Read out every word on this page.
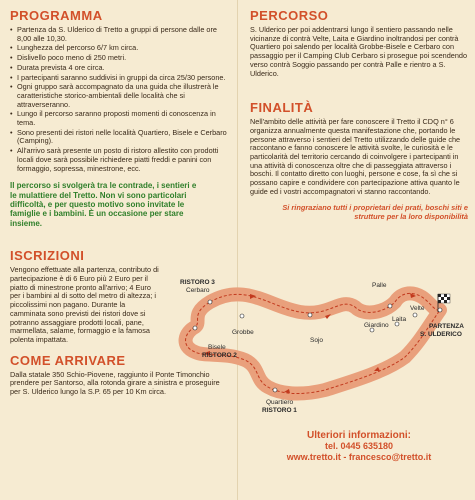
PROGRAMMA
• Partenza da S. Ulderico di Tretto a gruppi di persone dalle ore 8,00 alle 10,30.
• Lunghezza del percorso 6/7 km circa.
• Dislivello poco meno di 250 metri.
• Durata prevista 4 ore circa.
• I partecipanti saranno suddivisi in gruppi da circa 25/30 persone.
• Ogni gruppo sarà accompagnato da una guida che illustrerà le caratteristiche storico-ambientali delle località che si attraverseranno.
• Lungo il percorso saranno proposti momenti di conoscenza in tema.
• Sono presenti dei ristori nelle località Quartiero, Bisele e Cerbaro (Camping).
• All'arrivo sarà presente un posto di ristoro allestito con prodotti locali dove sarà possibile richiedere piatti freddi e panini con formaggio, sopressa, minestrone, ecc.

Il percorso si svolgerà tra le contrade, i sentieri e le mulattiere del Tretto. Non vi sono particolari difficoltà, e per questo motivo sono invitate le famiglie e i bambini. È un occasione per stare insieme.

ISCRIZIONI

Vengono effettuate alla partenza, contributo di partecipazione è di 6 Euro più 2 Euro per il piatto di minestrone pronto all'arrivo; 4 Euro per i bambini al di sotto del metro di altezza; i piccolissimi non pagano. Durante la camminata sono previsti dei ristori dove si potranno assaggiare prodotti locali, pane, marmellata, salame, formaggio e la famosa polenta impattata.

COME ARRIVARE

Dalla statale 350 Schio-Piovene, raggiunto il Ponte Timonchio prendere per Santorso, alla rotonda girare a sinistra e proseguire per S. Ulderico lungo la S.P. 65 per 10 Km circa.

PERCORSO

S. Ulderico per poi addentrarsi lungo il sentiero passando nelle vicinanze di contrà Velte, Laita e Giardino inoltrandosi per contrà Quartiero poi salendo per località Grobbe-Bisele e Cerbaro con passaggio per il Camping Club Cerbaro si prosegue poi scendendo verso contrà Soggio passando per contrà Palle e rientro a S. Ulderico.

FINALITÀ

Nell'ambito delle attività per fare conoscere il Tretto il CDQ n° 6 organizza annualmente questa manifestazione che, portando le persone attraverso i sentieri del Tretto utilizzando delle guide che raccontano e fanno conoscere le attività svolte, le curiosità e le particolarità del territorio cercando di coinvolgere i partecipanti in una attività di conoscenza oltre che di passeggiata attraverso i boschi. Il contatto diretto con luoghi, persone e cose, fa sì che si possano capire e condividere con partecipazione attiva quanto le guide ed i vostri accompagnatori vi stanno raccontando.

Si ringraziano tutti i proprietari dei prati, boschi siti e strutture per la loro disponibilità

RISTORO 3
Cerbaro
Grobbe
Bisele
RISTORO 2
Sojo
Palle
Velte
Laita
Giardino	PARTENZA
S. ULDERICO
Quartiero
RISTORO 1
Ulteriori informazioni:
tel. 0445 635180
www.tretto.it - francesco@tretto.it
